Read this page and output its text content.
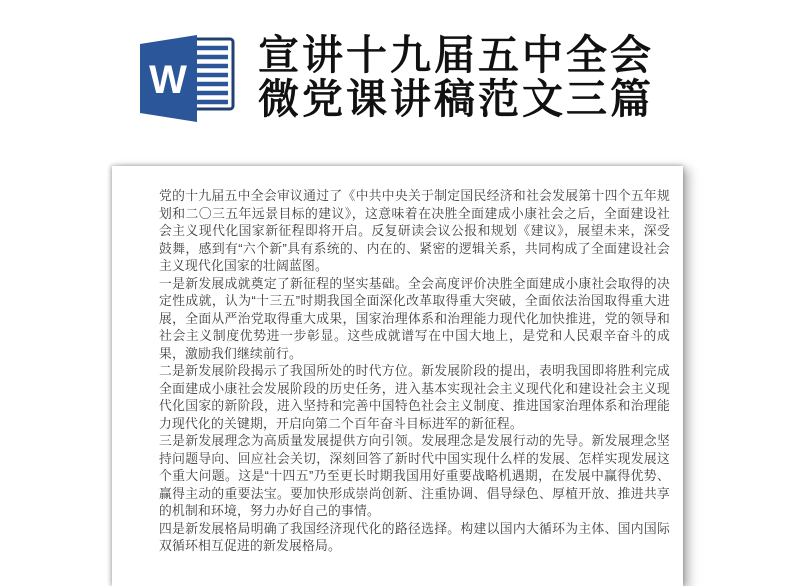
W
宣讲十九届五中全会
微党课讲稿范文三篇

党的十九届五中全会审议通过了《中共中央关于制定国民经济和社会发展第十四个五年规划和二〇三五年远景目标的建议》，这意味着在决胜全面建成小康社会之后，全面建设社会主义现代化国家新征程即将开启。反复研读会议公报和规划《建议》，展望未来，深受鼓舞，感到有“六个新”具有系统的、内在的、紧密的逻辑关系，共同构成了全面建设社会主义现代化国家的壮阔蓝图。

一是新发展成就奠定了新征程的坚实基础。全会高度评价决胜全面建成小康社会取得的决定性成就，认为“十三五”时期我国全面深化改革取得重大突破，全面依法治国取得重大进展，全面从严治党取得重大成果，国家治理体系和治理能力现代化加快推进，党的领导和社会主义制度优势进一步彰显。这些成就谱写在中国大地上，是党和人民艰辛奋斗的成果，激励我们继续前行。

二是新发展阶段揭示了我国所处的时代方位。新发展阶段的提出，表明我国即将胜利完成全面建成小康社会发展阶段的历史任务，进入基本实现社会主义现代化和建设社会主义现代化国家的新阶段，进入坚持和完善中国特色社会主义制度、推进国家治理体系和治理能力现代化的关键期，开启向第二个百年奋斗目标进军的新征程。

三是新发展理念为高质量发展提供方向引领。发展理念是发展行动的先导。新发展理念坚持问题导向、回应社会关切，深刻回答了新时代中国实现什么样的发展、怎样实现发展这个重大问题。这是“十四五”乃至更长时期我国用好重要战略机遇期，在发展中赢得优势、赢得主动的重要法宝。要加快形成崇尚创新、注重协调、倡导绿色、厚植开放、推进共享的机制和环境，努力办好自己的事情。

四是新发展格局明确了我国经济现代化的路径选择。构建以国内大循环为主体、国内国际双循环相互促进的新发展格局。
